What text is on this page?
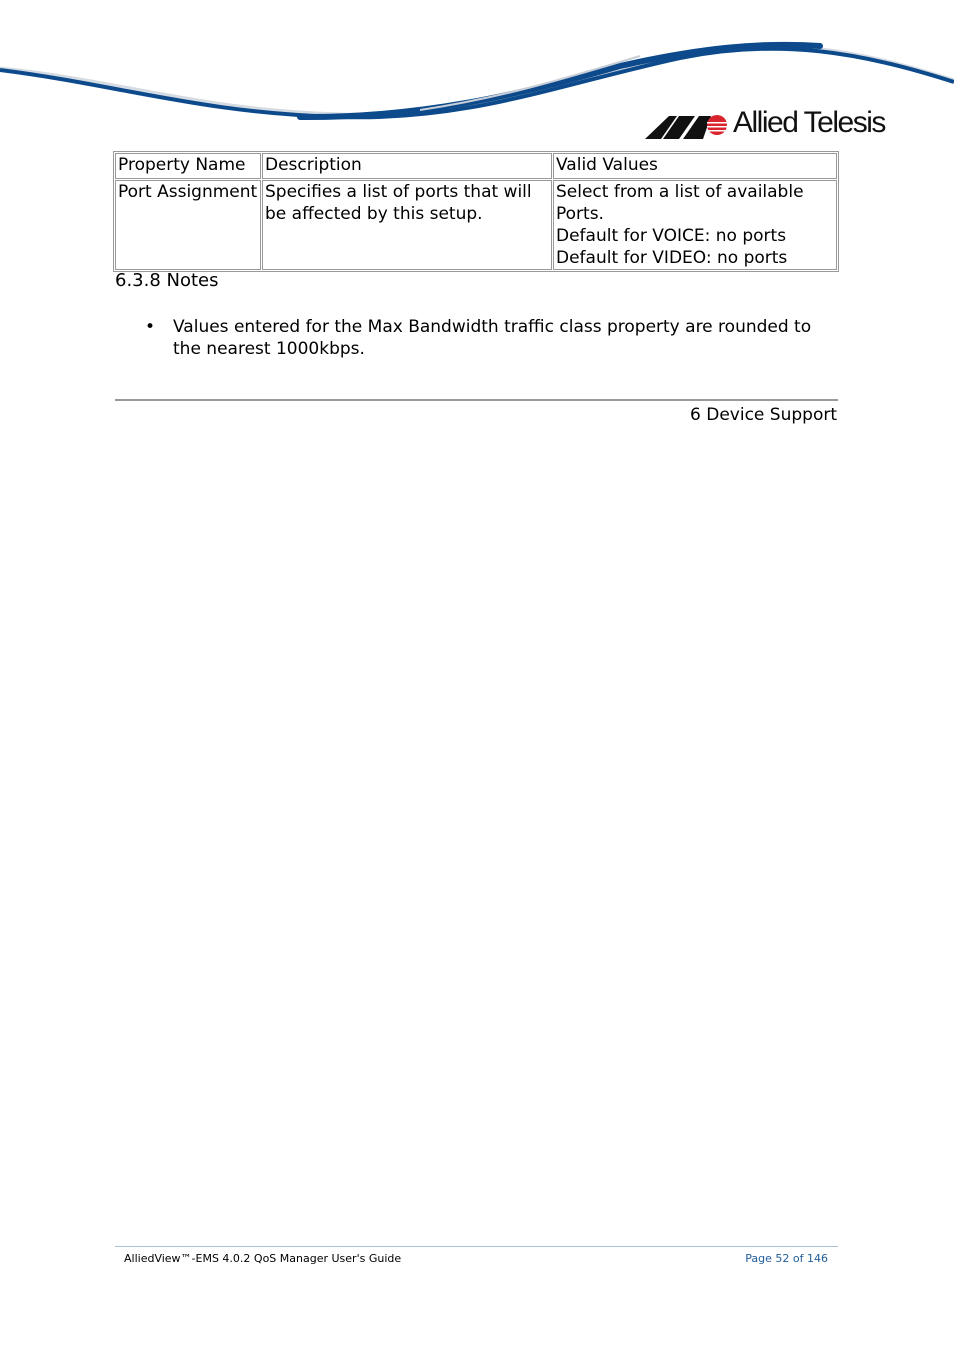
Allied Telesis
Property Name	Description	Valid Values
Port Assignment	Specifies a list of ports that will be affected by this setup.	Select from a list of available Ports.
Default for VOICE: no ports
Default for VIDEO: no ports
6.3.8 Notes
• Values entered for the Max Bandwidth traffic class property are rounded to the nearest 1000kbps.
6 Device Support
AlliedView™-EMS 4.0.2 QoS Manager User's Guide	Page 52 of 146
